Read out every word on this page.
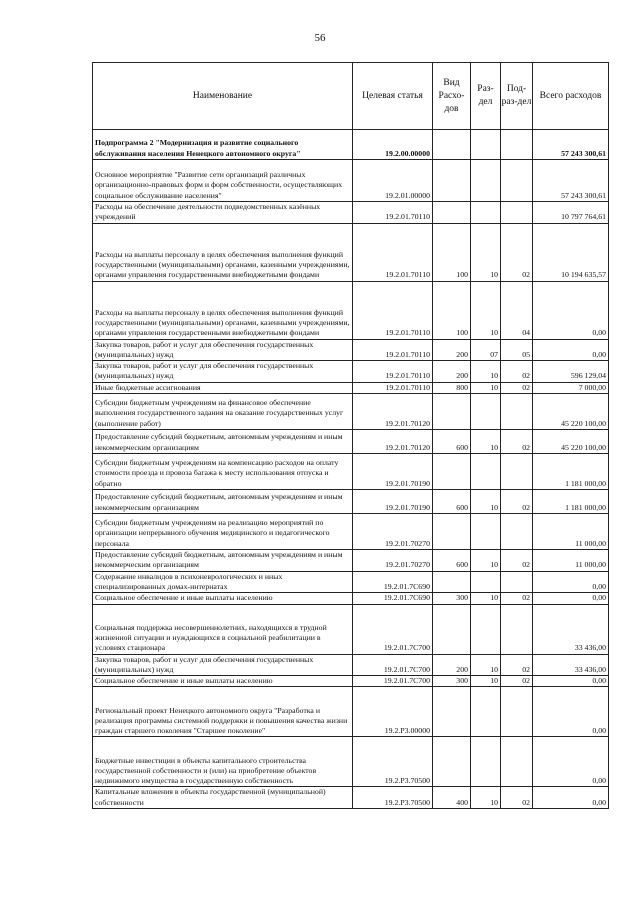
56
Наименование	Целевая статья	Вид Расхо-дов	Раз-дел	Под-раз-дел	Всего расходов
Подпрограмма 2 "Модернизация и развитие социального обслуживания населения Ненецкого автономного округа"	19.2.00.00000				57 243 300,61
Основное мероприятие "Развитие сети организаций различных организационно-правовых форм и форм собственности, осуществляющих социальное обслуживание населения"	19.2.01.00000				57 243 300,61
Расходы на обеспечение деятельности подведомственных казённых учреждений	19.2.01.70110				10 797 764,61
Расходы на выплаты персоналу в целях обеспечения выполнения функций государственными (муниципальными) органами, казенными учреждениями, органами управления государственными внебюджетными фондами	19.2.01.70110	100	10	02	10 194 635,57
Расходы на выплаты персоналу в целях обеспечения выполнения функций государственными (муниципальными) органами, казенными учреждениями, органами управления государственными внебюджетными фондами	19.2.01.70110	100	10	04	0,00
Закупка товаров, работ и услуг для обеспечения государственных (муниципальных) нужд	19.2.01.70110	200	07	05	0,00
Закупка товаров, работ и услуг для обеспечения государственных (муниципальных) нужд	19.2.01.70110	200	10	02	596 129,04
Иные бюджетные ассигнования	19.2.01.70110	800	10	02	7 000,00
Субсидии бюджетным учреждениям на финансовое обеспечение выполнения государственного задания на оказание государственных услуг (выполнение работ)	19.2.01.70120				45 220 100,00
Предоставление субсидий бюджетным, автономным учреждениям и иным некоммерческим организациям	19.2.01.70120	600	10	02	45 220 100,00
Субсидии бюджетным учреждениям на компенсацию расходов на оплату стоимости проезда и провоза багажа к месту использования отпуска и обратно	19.2.01.70190				1 181 000,00
Предоставление субсидий бюджетным, автономным учреждениям и иным некоммерческим организациям	19.2.01.70190	600	10	02	1 181 000,00
Субсидии бюджетным учреждениям на реализацию мероприятий по организации непрерывного обучения медицинского и педагогического персонала	19.2.01.70270				11 000,00
Предоставление субсидий бюджетным, автономным учреждениям и иным некоммерческим организациям	19.2.01.70270	600	10	02	11 000,00
Содержание инвалидов в психоневрологических и иных специализированных домах-интернатах	19.2.01.7С690				0,00
Социальное обеспечение и иные выплаты населению	19.2.01.7С690	300	10	02	0,00
Социальная поддержка несовершеннолетних, находящихся в трудной жизненной ситуации и нуждающихся в социальной реабилитации в условиях стационара	19.2.01.7С700				33 436,00
Закупка товаров, работ и услуг для обеспечения государственных (муниципальных) нужд	19.2.01.7С700	200	10	02	33 436,00
Социальное обеспечение и иные выплаты населению	19.2.01.7С700	300	10	02	0,00
Региональный проект Ненецкого автономного округа "Разработка и реализация программы системной поддержки и повышения качества жизни граждан старшего поколения "Старшее поколение"	19.2.Р3.00000				0,00
Бюджетные инвестиции в объекты капитального строительства государственной собственности и (или) на приобретение объектов недвижимого имущества в государственную собственность	19.2.Р3.70500				0,00
Капитальные вложения в объекты государственной (муниципальной) собственности	19.2.Р3.70500	400	10	02	0,00
